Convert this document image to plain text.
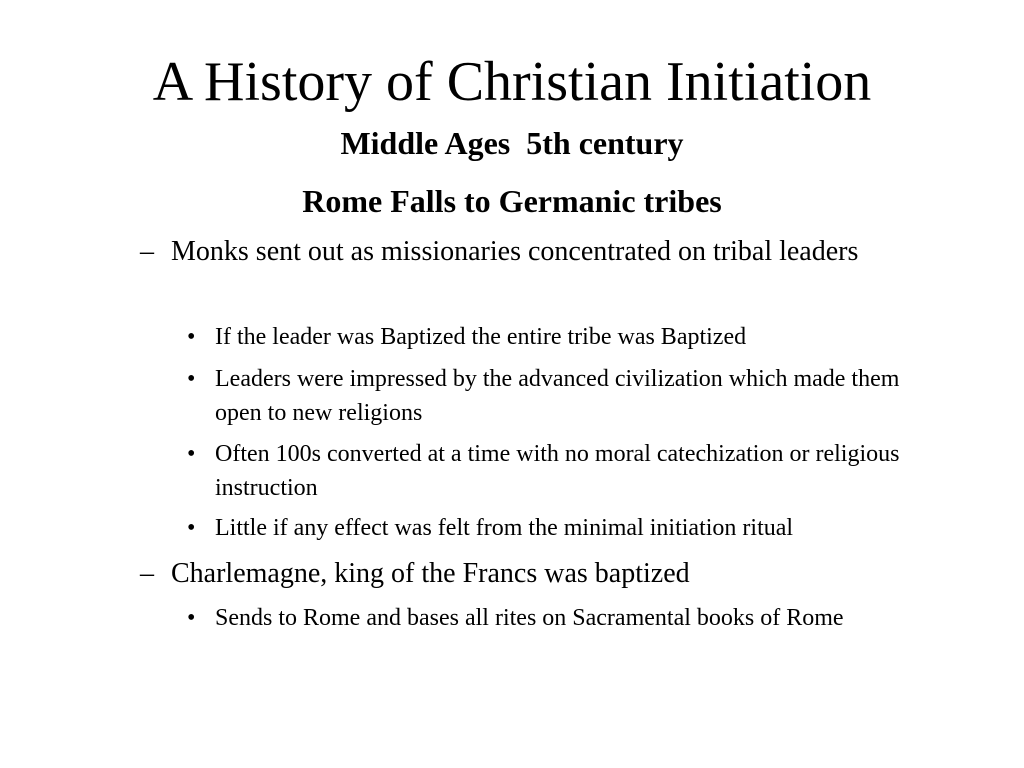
A History of Christian Initiation
Middle Ages  5th century
Rome Falls to Germanic tribes
– Monks sent out as missionaries concentrated on tribal leaders
• If the leader was Baptized the entire tribe was Baptized
• Leaders were impressed by the advanced civilization which made them open to new religions
• Often 100s converted at a time with no moral catechization or religious instruction
• Little if any effect was felt from the minimal initiation ritual
– Charlemagne, king of the Francs was baptized
• Sends to Rome and bases all rites on Sacramental books of Rome
